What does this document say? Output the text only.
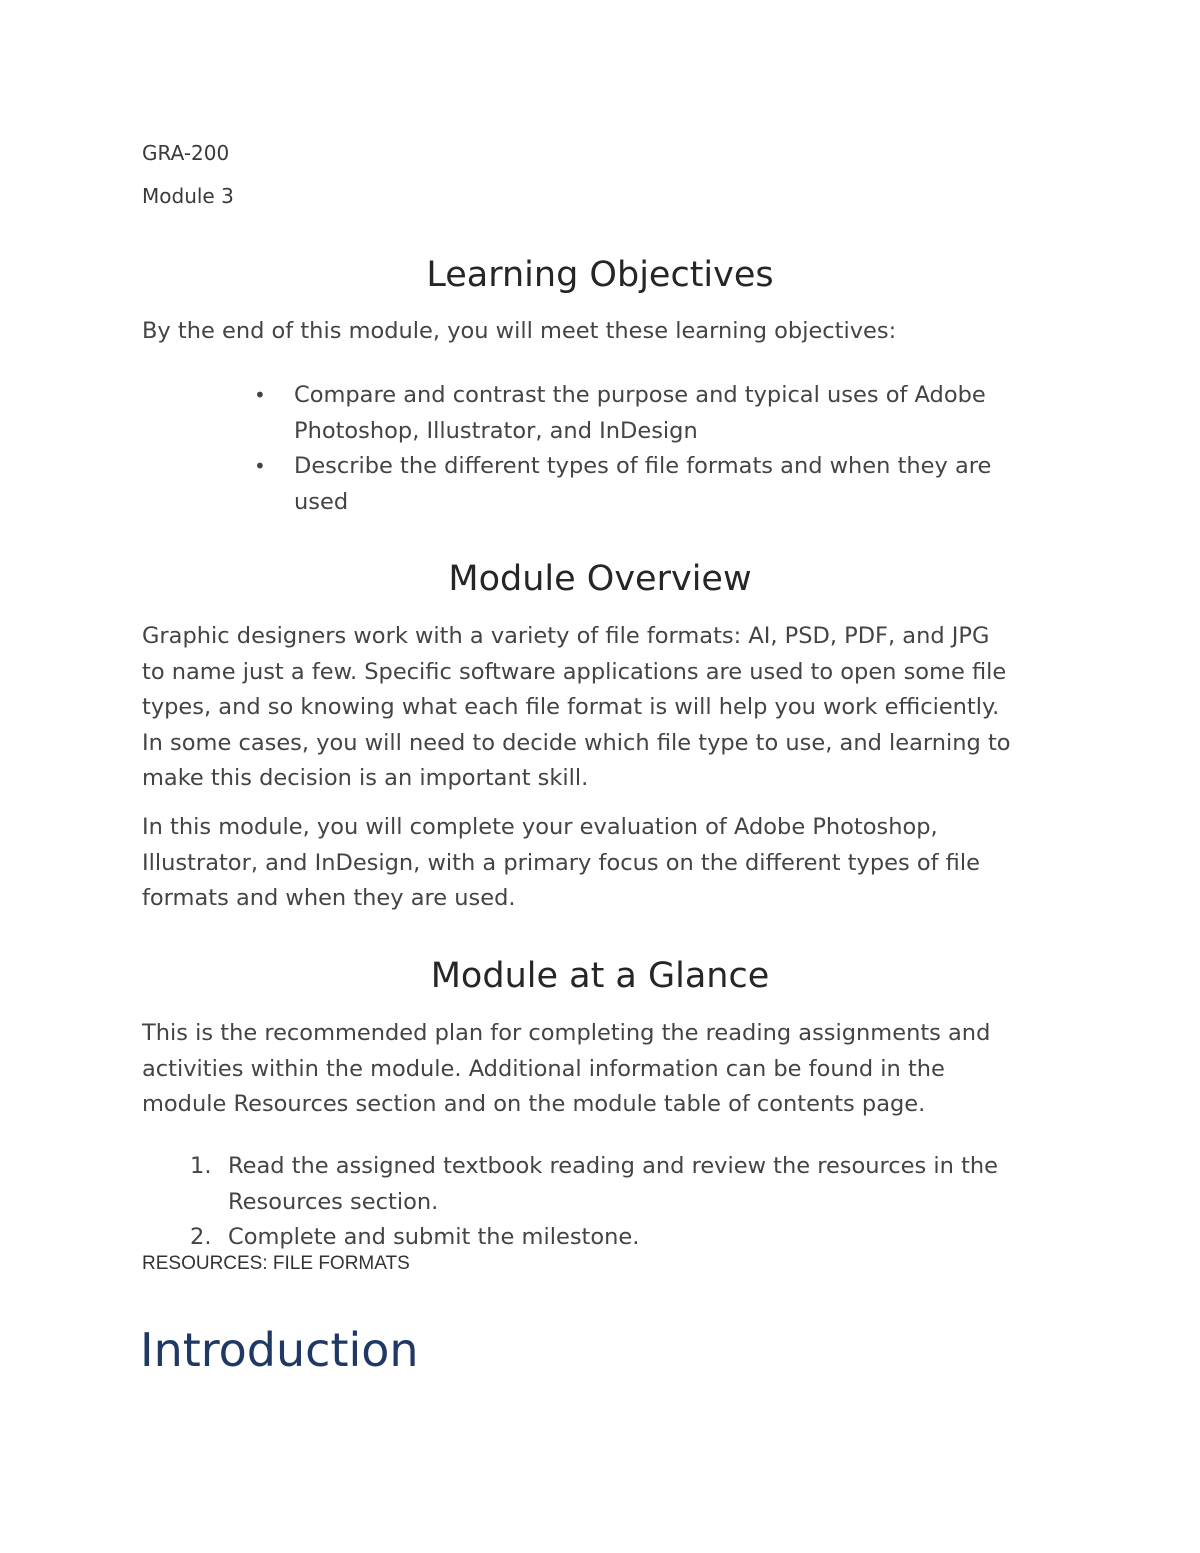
GRA-200

Module 3

Learning Objectives

By the end of this module, you will meet these learning objectives:

• Compare and contrast the purpose and typical uses of Adobe
Photoshop, Illustrator, and InDesign
• Describe the different types of file formats and when they are
used
Module Overview
Graphic designers work with a variety of file formats: AI, PSD, PDF, and JPG
to name just a few. Specific software applications are used to open some file
types, and so knowing what each file format is will help you work efficiently.
In some cases, you will need to decide which file type to use, and learning to
make this decision is an important skill.
In this module, you will complete your evaluation of Adobe Photoshop,
Illustrator, and InDesign, with a primary focus on the different types of file
formats and when they are used.
Module at a Glance
This is the recommended plan for completing the reading assignments and
activities within the module. Additional information can be found in the
module Resources section and on the module table of contents page.
1. Read the assigned textbook reading and review the resources in the
Resources section.
2. Complete and submit the milestone.

RESOURCES: FILE FORMATS

Introduction
